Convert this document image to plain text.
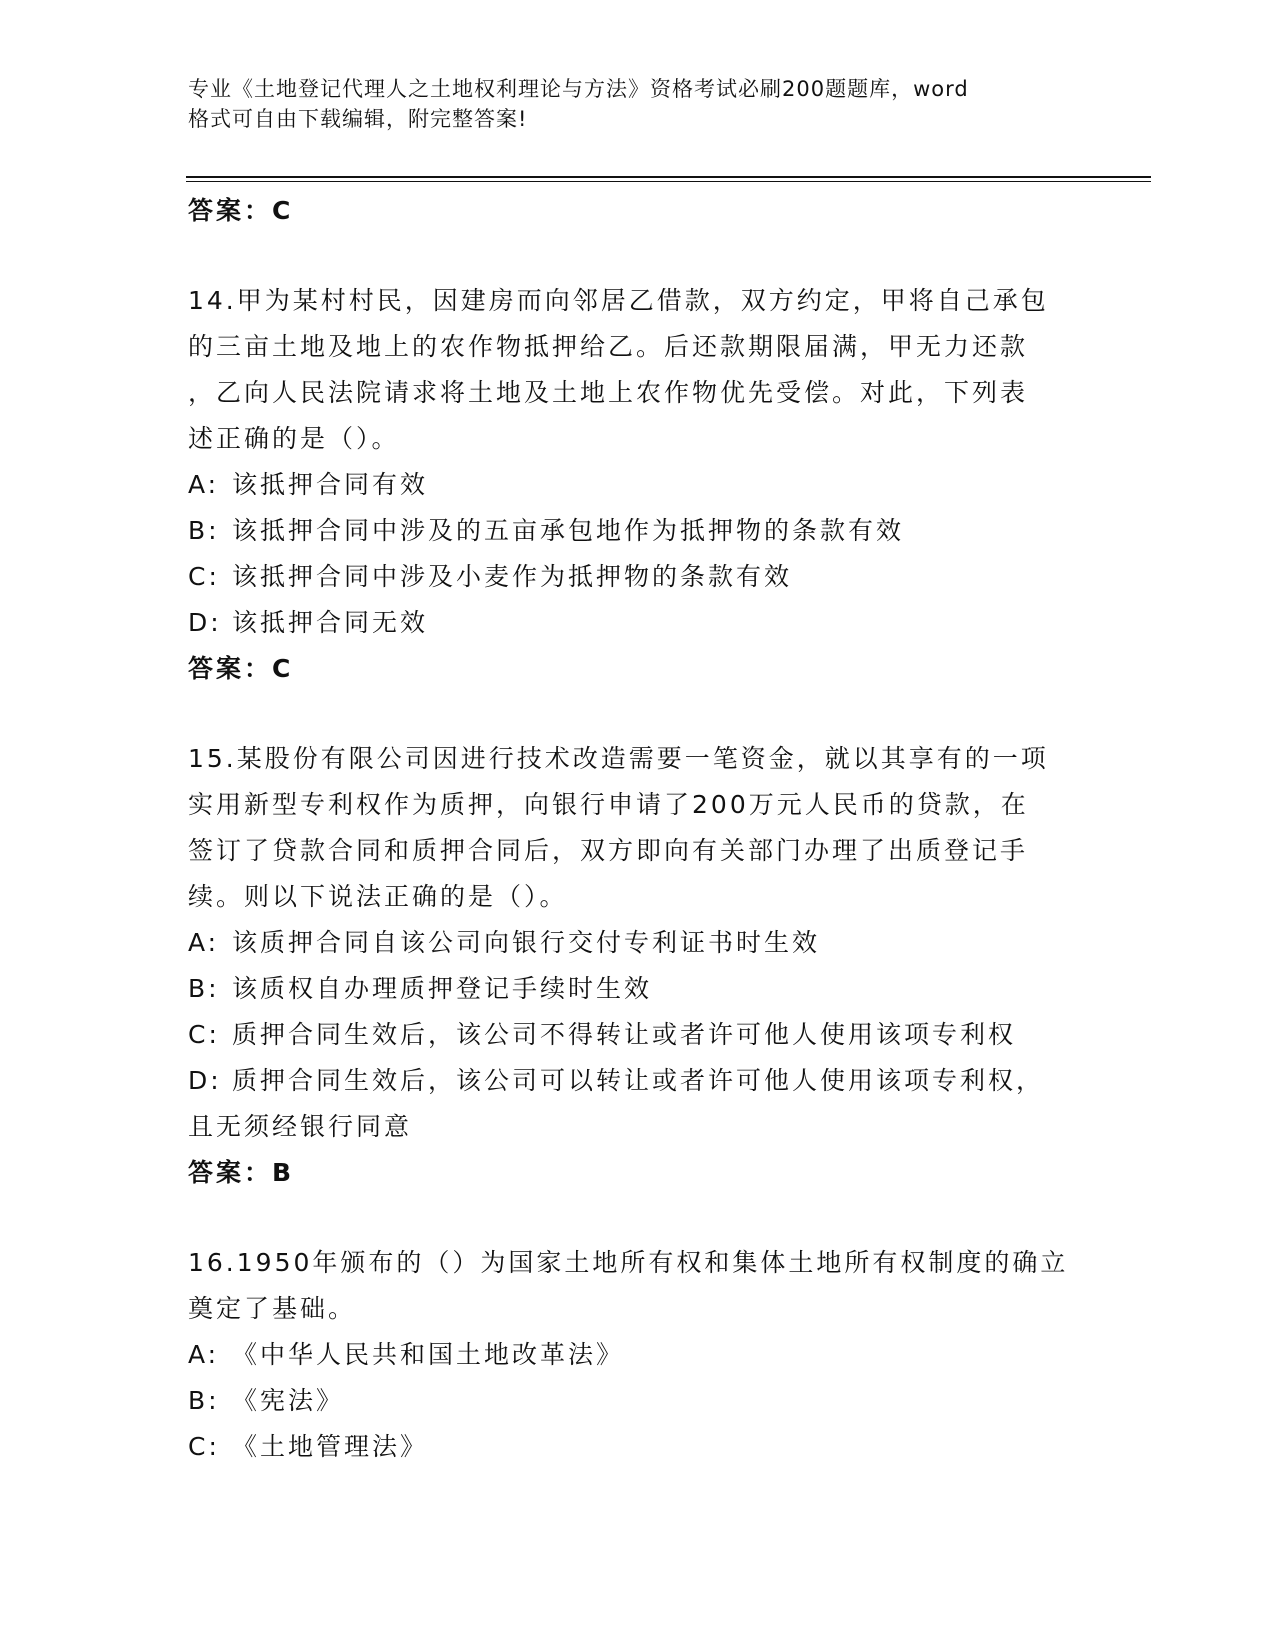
专业《土地登记代理人之土地权利理论与方法》资格考试必刷200题题库，word
格式可自由下载编辑，附完整答案!
答案：C
14.甲为某村村民，因建房而向邻居乙借款，双方约定，甲将自己承包
的三亩土地及地上的农作物抵押给乙。后还款期限届满，甲无力还款
，乙向人民法院请求将土地及土地上农作物优先受偿。对此，下列表
述正确的是（）。
A: 该抵押合同有效
B: 该抵押合同中涉及的五亩承包地作为抵押物的条款有效
C: 该抵押合同中涉及小麦作为抵押物的条款有效
D: 该抵押合同无效
答案：C
15.某股份有限公司因进行技术改造需要一笔资金，就以其享有的一项
实用新型专利权作为质押，向银行申请了200万元人民币的贷款，在
签订了贷款合同和质押合同后，双方即向有关部门办理了出质登记手
续。则以下说法正确的是（）。
A: 该质押合同自该公司向银行交付专利证书时生效
B: 该质权自办理质押登记手续时生效
C: 质押合同生效后，该公司不得转让或者许可他人使用该项专利权
D: 质押合同生效后，该公司可以转让或者许可他人使用该项专利权，
且无须经银行同意
答案：B
16.1950年颁布的（）为国家土地所有权和集体土地所有权制度的确立
奠定了基础。
A: 《中华人民共和国土地改革法》
B: 《宪法》
C: 《土地管理法》
